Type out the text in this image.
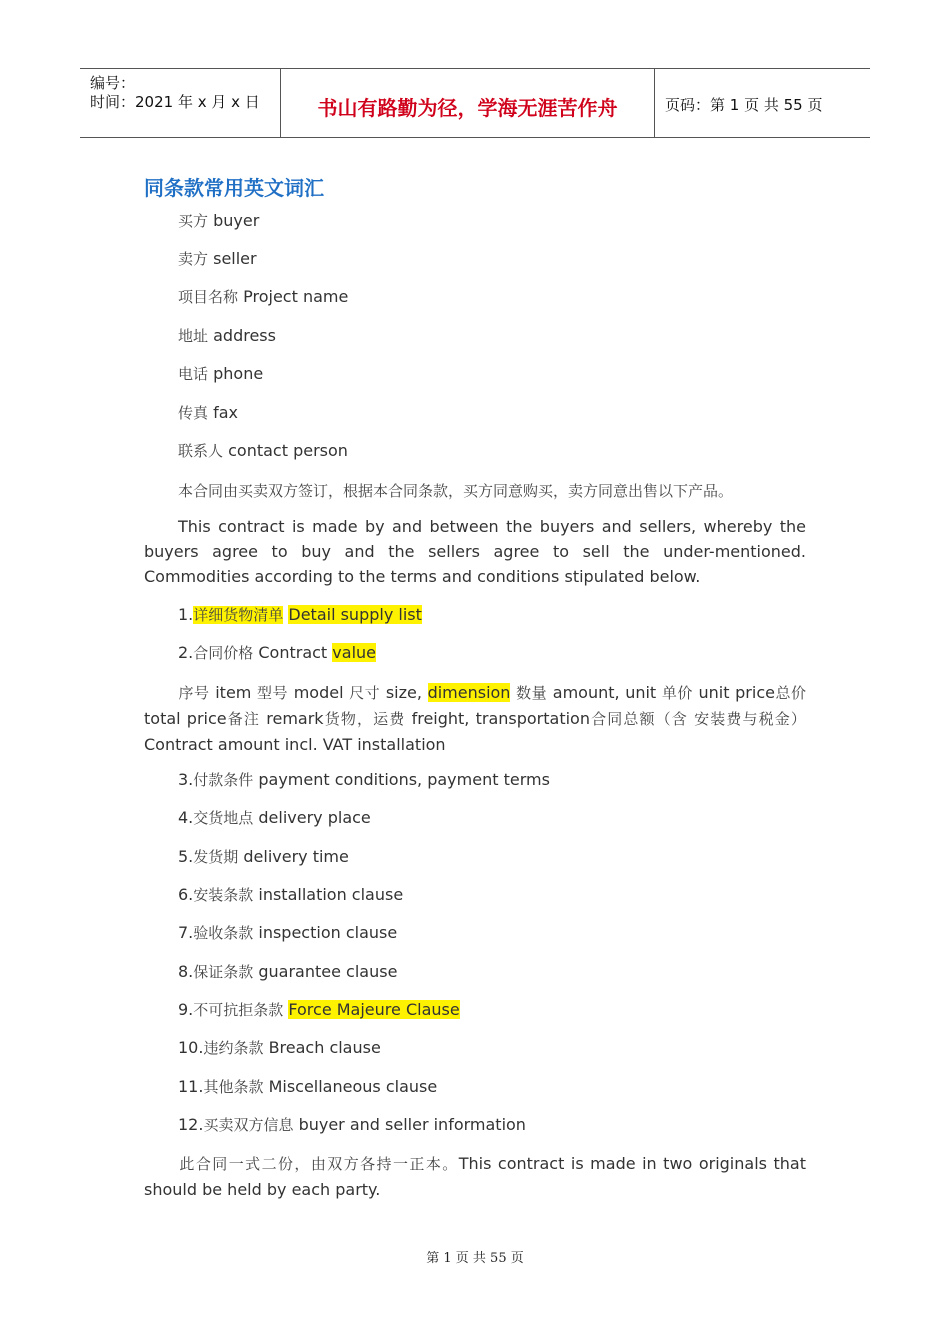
编号：
时间：2021 年 x 月 x 日	书山有路勤为径，学海无涯苦作舟	页码：第 1 页 共 55 页
同条款常用英文词汇
买方 buyer
卖方 seller
项目名称 Project name
地址 address
电话 phone
传真 fax
联系人 contact person
本合同由买卖双方签订，根据本合同条款，买方同意购买，卖方同意出售以下产品。
This contract is made by and between the buyers and sellers, whereby the buyers agree to buy and the sellers agree to sell the under-mentioned. Commodities according to the terms and conditions stipulated below.
1.详细货物清单 Detail supply list
2.合同价格 Contract value
序号 item 型号 model 尺寸 size, dimension 数量 amount, unit 单价 unit price总价 total price备注 remark货物，运费 freight, transportation合同总额（含 安装费与税金） Contract amount incl. VAT installation
3.付款条件 payment conditions, payment terms
4.交货地点 delivery place
5.发货期 delivery time
6.安装条款 installation clause
7.验收条款 inspection clause
8.保证条款 guarantee clause
9.不可抗拒条款 Force Majeure Clause
10.违约条款 Breach clause
11.其他条款 Miscellaneous clause
12.买卖双方信息 buyer and seller information
此合同一式二份，由双方各持一正本。This contract is made in two originals that should be held by each party.
第 1 页 共 55 页
